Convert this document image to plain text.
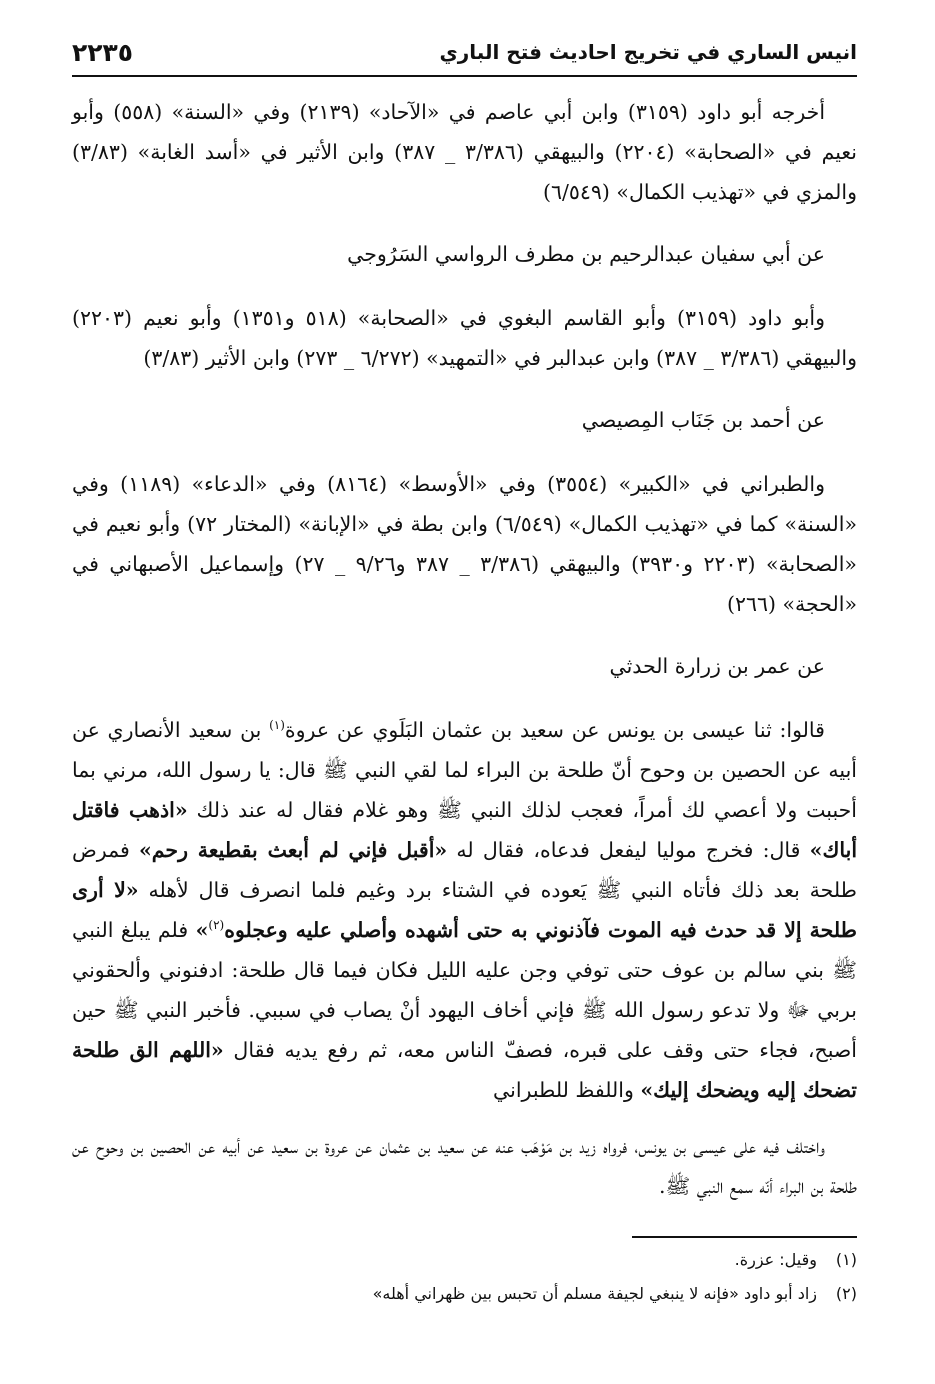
انيس الساري في تخريج احاديث فتح الباري
٢٢٣٥

أخرجه أبو داود (٣١٥٩) وابن أبي عاصم في «الآحاد» (٢١٣٩) وفي «السنة» (٥٥٨) وأبو نعيم في «الصحابة» (٢٢٠٤) والبيهقي (٣/٣٨٦ _ ٣٨٧) وابن الأثير في «أسد الغابة» (٣/٨٣) والمزي في «تهذيب الكمال» (٦/٥٤٩)

عن أبي سفيان عبدالرحيم بن مطرف الرواسي السَرُوجي

وأبو داود (٣١٥٩) وأبو القاسم البغوي في «الصحابة» (٥١٨ و١٣٥١) وأبو نعيم (٢٢٠٣) والبيهقي (٣/٣٨٦ _ ٣٨٧) وابن عبدالبر في «التمهيد» (٦/٢٧٢ _ ٢٧٣) وابن الأثير (٣/٨٣)

عن أحمد بن جَنَاب المِصيصي

والطبراني في «الكبير» (٣٥٥٤) وفي «الأوسط» (٨١٦٤) وفي «الدعاء» (١١٨٩) وفي «السنة» كما في «تهذيب الكمال» (٦/٥٤٩) وابن بطة في «الإبانة» (المختار ٧٢) وأبو نعيم في «الصحابة» (٢٢٠٣ و٣٩٣٠) والبيهقي (٣/٣٨٦ _ ٣٨٧ و٩/٢٦ _ ٢٧) وإسماعيل الأصبهاني في «الحجة» (٢٦٦)

عن عمر بن زرارة الحدثي

قالوا: ثنا عيسى بن يونس عن سعيد بن عثمان البَلَوي عن عروة$^{(١)}$ بن سعيد الأنصاري عن أبيه عن الحصين بن وحوح أنّ طلحة بن البراء لما لقي النبي ﷺ قال: يا رسول الله، مرني بما أحببت ولا أعصي لك أمراً، فعجب لذلك النبي ﷺ وهو غلام فقال له عند ذلك «اذهب فاقتل أباك» قال: فخرج موليا ليفعل فدعاه، فقال له «أقبل فإني لم أبعث بقطيعة رحم» فمرض طلحة بعد ذلك فأتاه النبي ﷺ يَعوده في الشتاء برد وغيم فلما انصرف قال لأهله «لا أرى طلحة إلا قد حدث فيه الموت فآذنوني به حتى أشهده وأصلي عليه وعجلوه$^{(٢)}$» فلم يبلغ النبي ﷺ بني سالم بن عوف حتى توفي وجن عليه الليل فكان فيما قال طلحة: ادفنوني وألحقوني بربي ﷻ ولا تدعو رسول الله ﷺ فإني أخاف اليهود أنْ يصاب في سببي. فأخبر النبي ﷺ حين أصبح، فجاء حتى وقف على قبره، فصفّ الناس معه، ثم رفع يديه فقال «اللهم الق طلحة تضحك إليه ويضحك إليك» واللفظ للطبراني

واختلف فيه على عيسى بن يونس، فرواه زيد بن مَوْهَب عنه عن سعيد بن عثمان عن عروة بن سعيد عن أبيه عن الحصين بن وحوح عن طلحة بن البراء أنّه سمع النبي ﷺ.

(١)
وقيل: عزرة.
(٢)
زاد أبو داود «فإنه لا ينبغي لجيفة مسلم أن تحبس بين ظهراني أهله»
